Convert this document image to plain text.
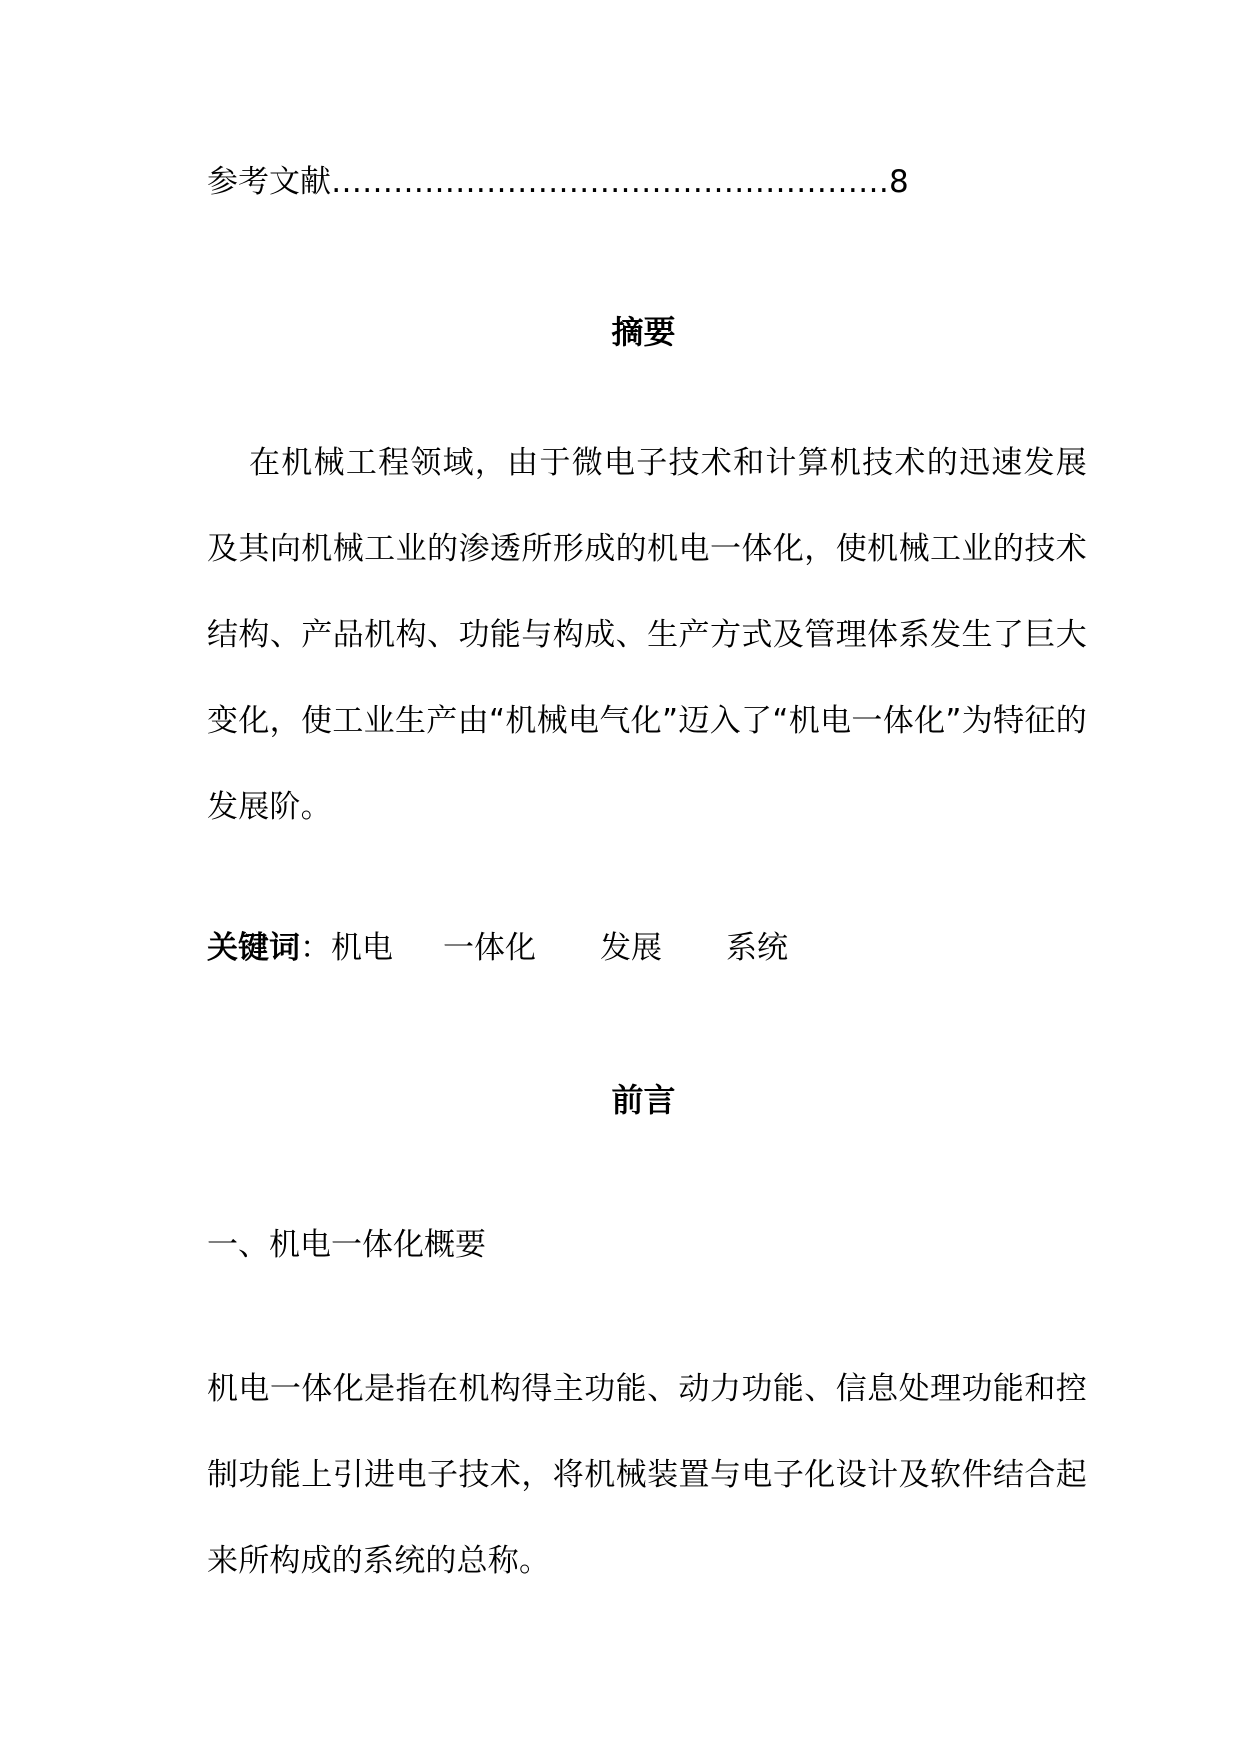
参考文献………………………………………………8
摘要
在机械工程领域，由于微电子技术和计算机技术的迅速发展及其向机械工业的渗透所形成的机电一体化，使机械工业的技术结构、产品机构、功能与构成、生产方式及管理体系发生了巨大变化，使工业生产由“机械电气化”迈入了“机电一体化”为特征的发展阶。
关键词：机电 一体化 发展 系统
前言
一、机电一体化概要
机电一体化是指在机构得主功能、动力功能、信息处理功能和控制功能上引进电子技术，将机械装置与电子化设计及软件结合起来所构成的系统的总称。
